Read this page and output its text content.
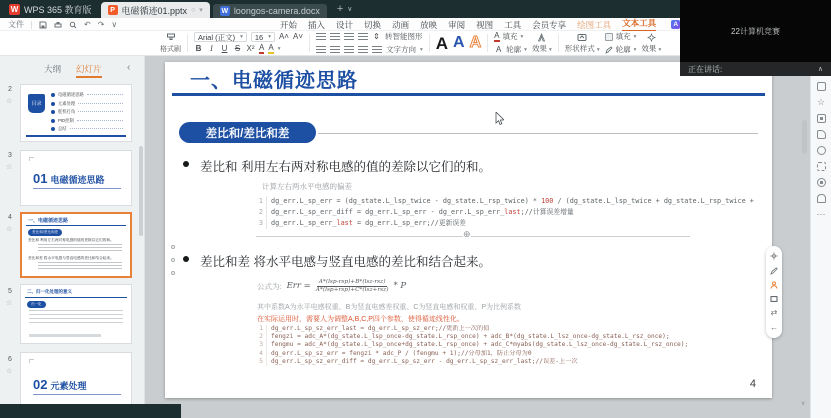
W WPS 365 教育版	P 电磁循迹01.pptx ○ ▾	W loongos-camera.docx + ∨
文件	↶ ↷ ∨	开始 插入 设计 切换 动画 放映 审阅 视图 工具 会员专享 绘图工具 文本工具	A
格式刷
Arial (正文) ▾ 16 ▾ A˄ A˅
B	I	U S X² A A ▾
⇕ 转智能图形
文字方向 ▾ A A A A 填充 ▾
A 轮廓 ▾ 效果 ▾ 形状样式 ▾
填充 ▾
轮廓 ▾ 效果 ▾
大纲 幻灯片	‹
2
☆	目录
电磁循迹思路
元素处理
舵机打角
PID控制
总结
3
☆
01 电磁循迹思路
4
☆
一、电磁循迹思路
差比和/差比和差
差比和 利用左右两对称电感的值的差除以它们的和。
差比和差 将水平电感与竖直电感的差比和结合起来。
5
☆
二、归一化处理的意义
归一化
6
☆
02 元素处理
一、电磁循迹思路
差比和/差比和差
差比和 利用左右两对称电感的值的差除以它们的和。
计算左右两水平电感的偏差
1	dg_err.L_sp_err = (dg_state.L_lsp_twice - dg_state.L_rsp_twice) * 100 / (dg_state.L_lsp_twice + dg_state.L_rsp_twice +
2	dg_err.L_sp_err_diff = dg_err.L_sp_err - dg_err.L_sp_err_last;//计算误差增量
3	dg_err.L_sp_err_last = dg_err.L_sp_err;//更新误差
⊕
差比和差 将水平电感与竖直电感的差比和结合起来。
公式为: Err = $\frac{\text{A*(lsp-rsp)+B*(lsz-rsz)}}{\text{A*(lsp+rsp)+C*(lsz+rsz)}}$ * P
其中系数A为水平电感权重、B为竖直电感差权重、C为竖直电感和权重、P为比例系数
在实际运用时，需要人为调整A,B,C,P四个参数，使得循迹线性化。
1	dg_err.L_sp_sz_err_last = dg_err.L_sp_sz_err;//更新上一次的值
2	fengzi = adc_A*(dg_state.L_lsp_once-dg_state.L_rsp_once) + adc_B*(dg_state.L_lsz_once-dg_state.L_rsz_once);
3	fengmu = adc_A*(dg_state.L_lsp_once+dg_state.L_rsp_once) + adc_C*myabs(dg_state.L_lsz_once-dg_state.L_rsz_once);
4	dg_err.L_sp_sz_err = fengzi * adc_P / (fengmu + 1);//分母加1，防止分母为0
5	dg_err.L_sp_sz_err_diff = dg_err.L_sp_sz_err - dg_err.L_sp_sz_err_last;//误差-上一次
4
∨
⇄
←
☆
⋯
22计算机竞赛
正在讲话:	∧
